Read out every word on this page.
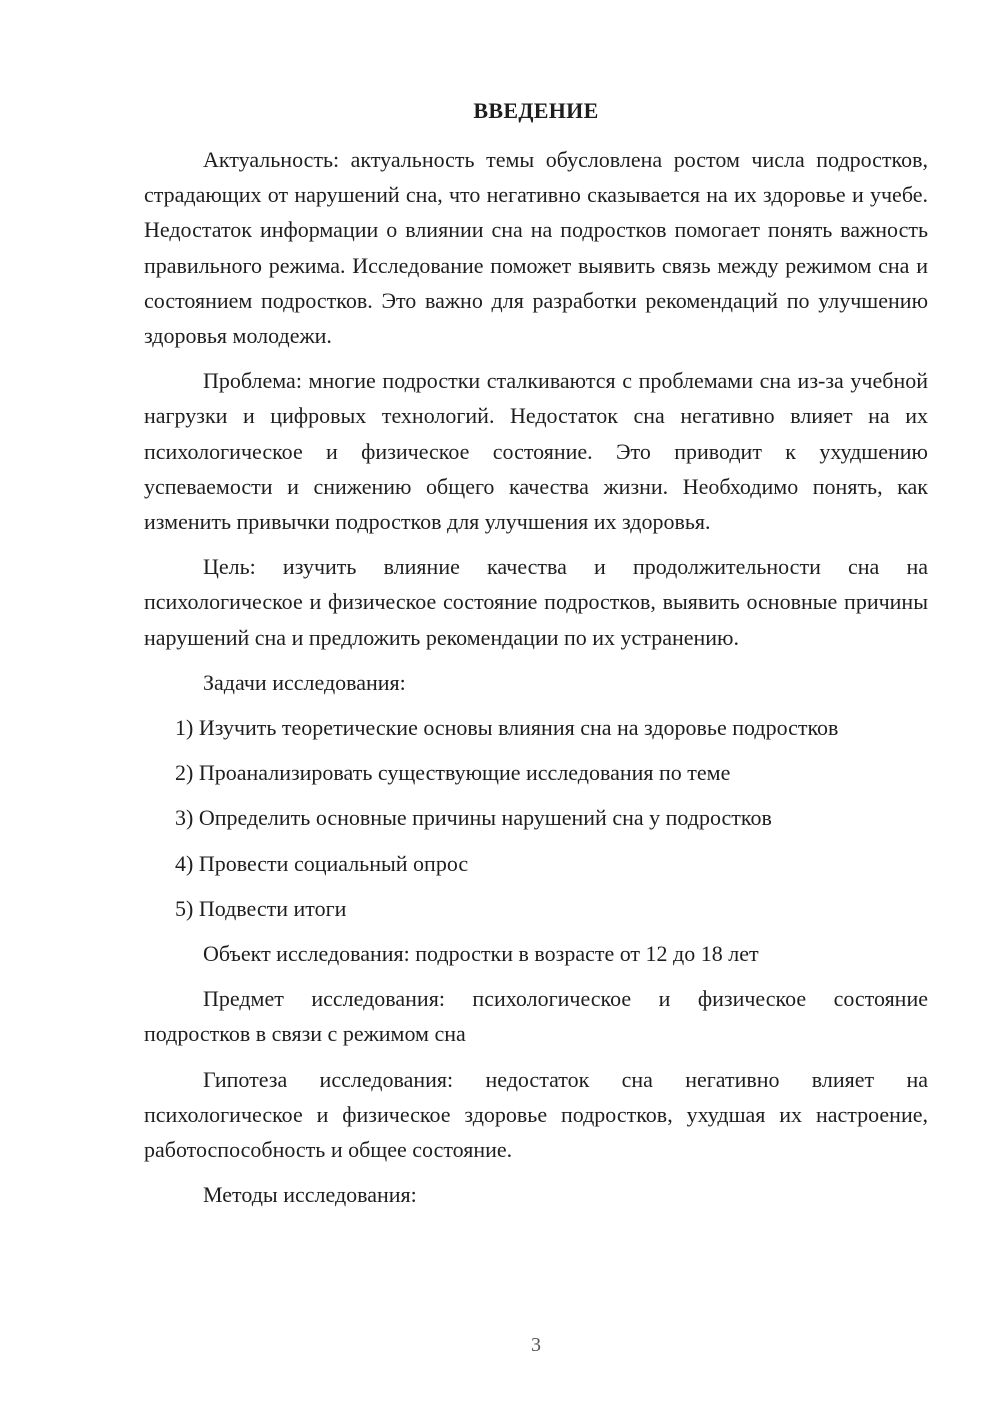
ВВЕДЕНИЕ

Актуальность: актуальность темы обусловлена ростом числа подростков, страдающих от нарушений сна, что негативно сказывается на их здоровье и учебе. Недостаток информации о влиянии сна на подростков помогает понять важность правильного режима. Исследование поможет выявить связь между режимом сна и состоянием подростков. Это важно для разработки рекомендаций по улучшению здоровья молодежи.

Проблема: многие подростки сталкиваются с проблемами сна из-за учебной нагрузки и цифровых технологий. Недостаток сна негативно влияет на их психологическое и физическое состояние. Это приводит к ухудшению успеваемости и снижению общего качества жизни. Необходимо понять, как изменить привычки подростков для улучшения их здоровья.

Цель: изучить влияние качества и продолжительности сна на психологическое и физическое состояние подростков, выявить основные причины нарушений сна и предложить рекомендации по их устранению.

Задачи исследования:

1) Изучить теоретические основы влияния сна на здоровье подростков

2) Проанализировать существующие исследования по теме

3) Определить основные причины нарушений сна у подростков

4) Провести социальный опрос

5) Подвести итоги

Объект исследования: подростки в возрасте от 12 до 18 лет

Предмет исследования: психологическое и физическое состояние подростков в связи с режимом сна

Гипотеза исследования: недостаток сна негативно влияет на психологическое и физическое здоровье подростков, ухудшая их настроение, работоспособность и общее состояние.

Методы исследования:

3
